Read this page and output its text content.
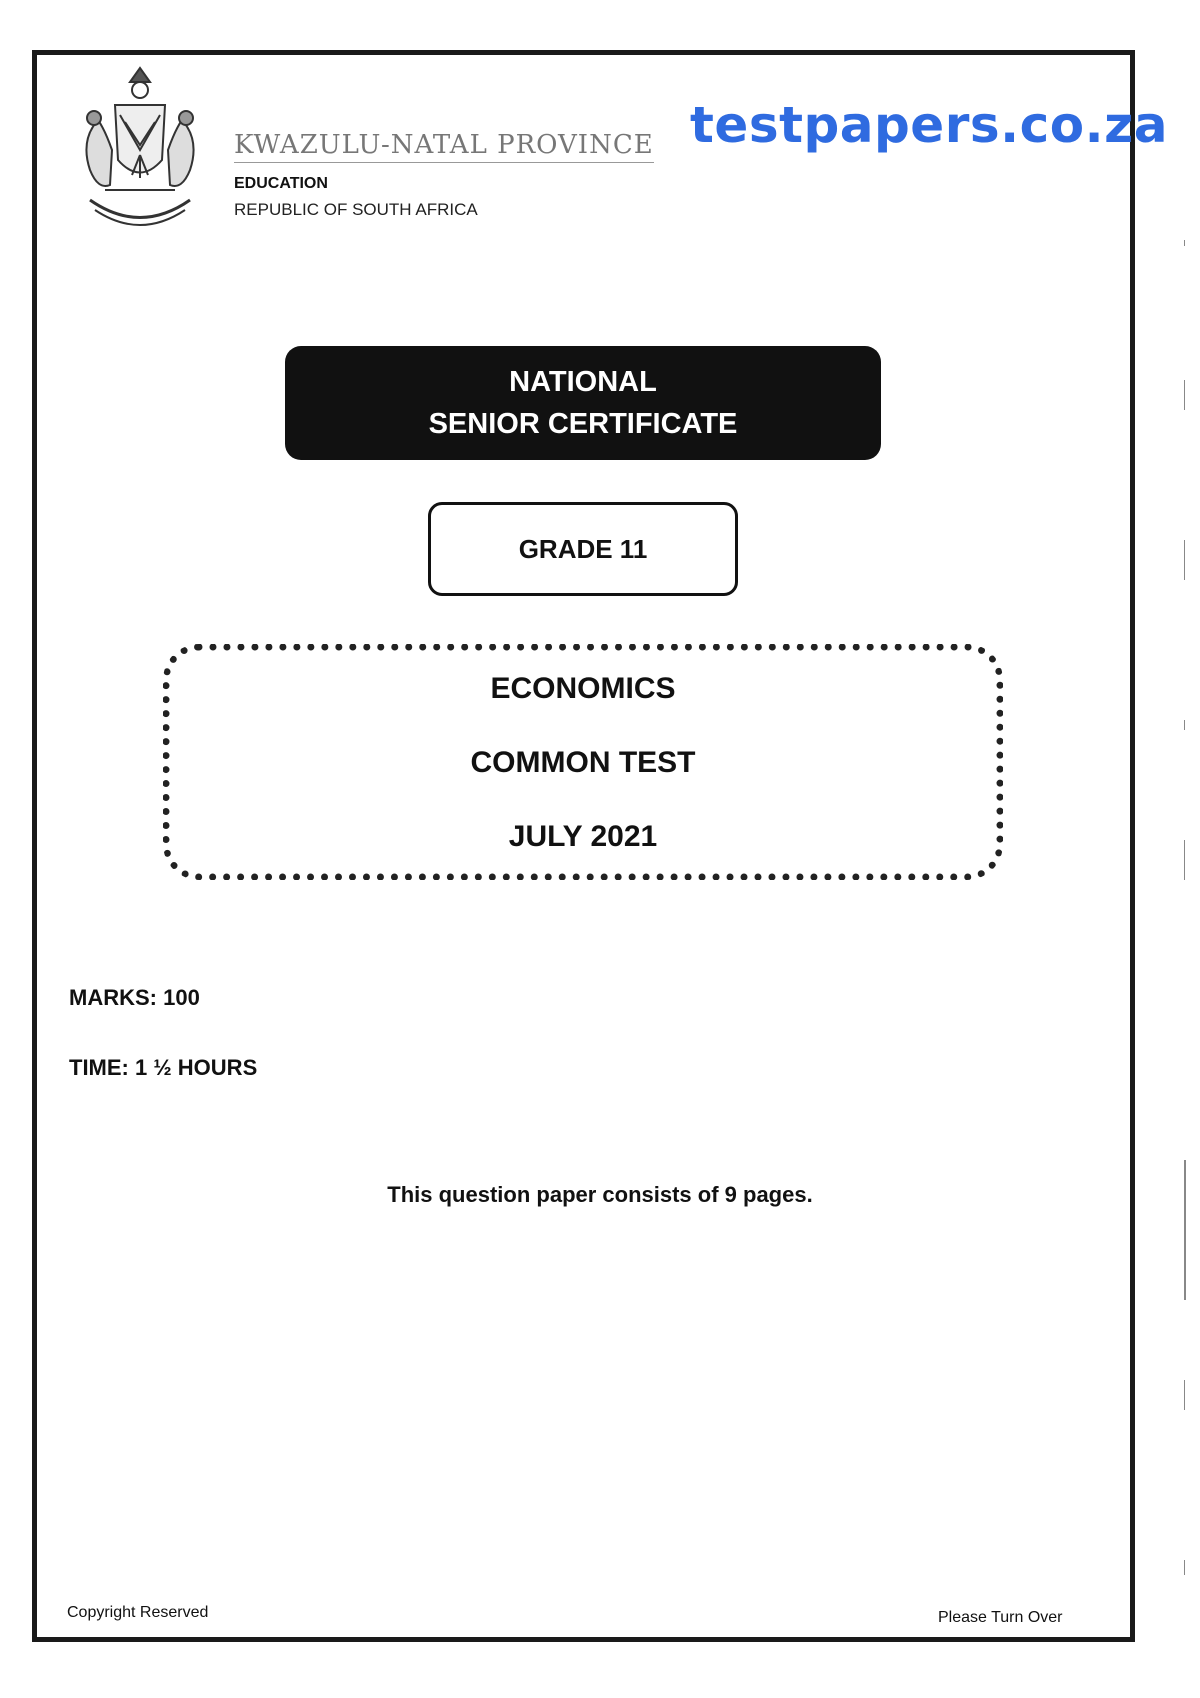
KWAZULU-NATAL PROVINCE
EDUCATION
REPUBLIC OF SOUTH AFRICA
testpapers.co.za
NATIONAL
SENIOR CERTIFICATE
GRADE 11
ECONOMICS
COMMON TEST
JULY 2021
MARKS: 100
TIME: 1 ½ HOURS
This question paper consists of 9 pages.
Copyright Reserved	Please Turn Over
